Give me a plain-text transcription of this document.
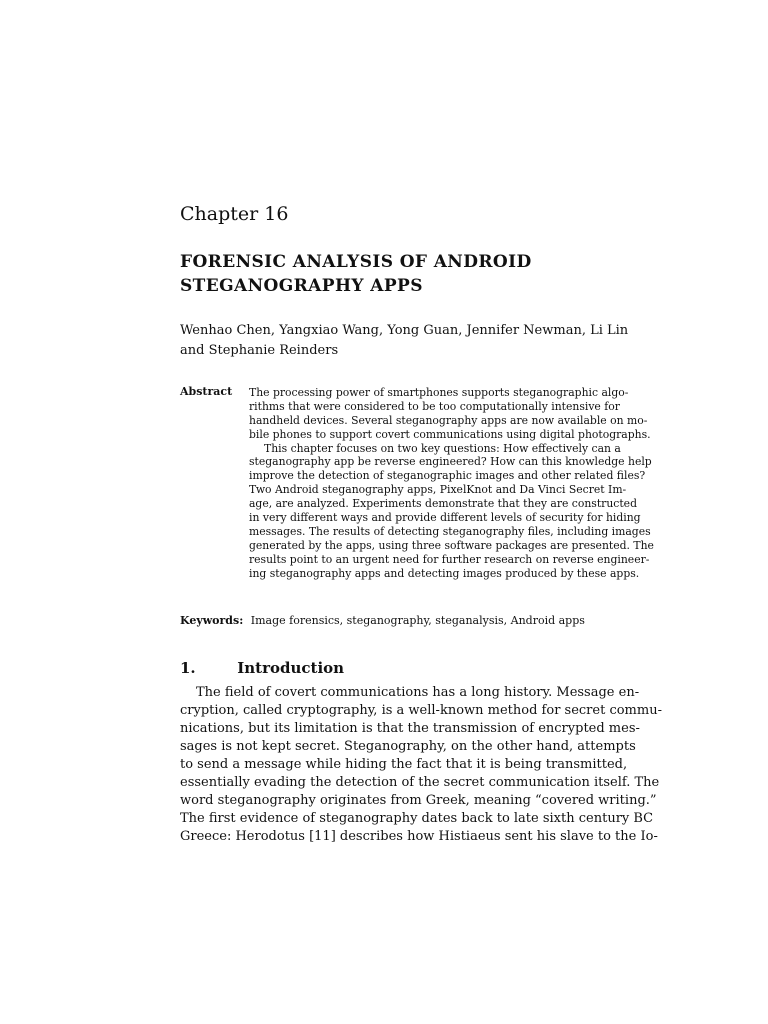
Chapter 16
FORENSIC ANALYSIS OF ANDROID
STEGANOGRAPHY APPS
Wenhao Chen, Yangxiao Wang, Yong Guan, Jennifer Newman, Li Lin
and Stephanie Reinders
Abstract The processing power of smartphones supports steganographic algo-
rithms that were considered to be too computationally intensive for
handheld devices. Several steganography apps are now available on mo-
bile phones to support covert communications using digital photographs.
This chapter focuses on two key questions: How effectively can a
steganography app be reverse engineered? How can this knowledge help
improve the detection of steganographic images and other related files?
Two Android steganography apps, PixelKnot and Da Vinci Secret Im-
age, are analyzed. Experiments demonstrate that they are constructed
in very different ways and provide different levels of security for hiding
messages. The results of detecting steganography files, including images
generated by the apps, using three software packages are presented. The
results point to an urgent need for further research on reverse engineer-
ing steganography apps and detecting images produced by these apps.
Keywords: Image forensics, steganography, steganalysis, Android apps
1.	Introduction
The field of covert communications has a long history. Message en-
cryption, called cryptography, is a well-known method for secret commu-
nications, but its limitation is that the transmission of encrypted mes-
sages is not kept secret. Steganography, on the other hand, attempts
to send a message while hiding the fact that it is being transmitted,
essentially evading the detection of the secret communication itself. The
word steganography originates from Greek, meaning “covered writing.”
The first evidence of steganography dates back to late sixth century BC
Greece: Herodotus [11] describes how Histiaeus sent his slave to the Io-
